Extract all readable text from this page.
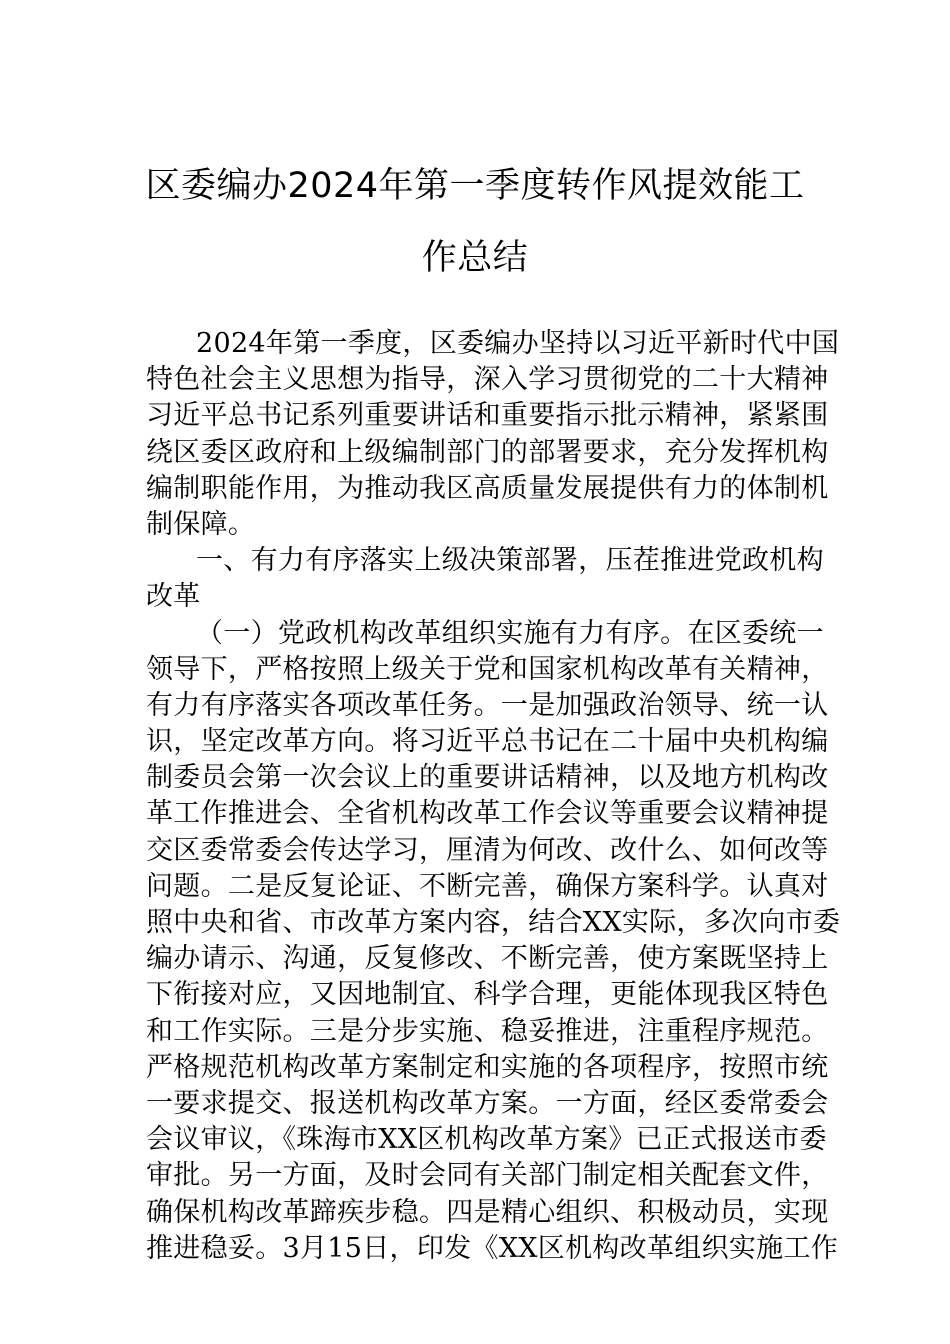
区委编办2024年第一季度转作风提效能工
作总结
2024年第一季度，区委编办坚持以习近平新时代中国
特色社会主义思想为指导，深入学习贯彻党的二十大精神
习近平总书记系列重要讲话和重要指示批示精神，紧紧围
绕区委区政府和上级编制部门的部署要求，充分发挥机构
编制职能作用，为推动我区高质量发展提供有力的体制机
制保障。
一、有力有序落实上级决策部署，压茬推进党政机构
改革
（一）党政机构改革组织实施有力有序。在区委统一
领导下，严格按照上级关于党和国家机构改革有关精神，
有力有序落实各项改革任务。一是加强政治领导、统一认
识，坚定改革方向。将习近平总书记在二十届中央机构编
制委员会第一次会议上的重要讲话精神，以及地方机构改
革工作推进会、全省机构改革工作会议等重要会议精神提
交区委常委会传达学习，厘清为何改、改什么、如何改等
问题。二是反复论证、不断完善，确保方案科学。认真对
照中央和省、市改革方案内容，结合XX实际，多次向市委
编办请示、沟通，反复修改、不断完善，使方案既坚持上
下衔接对应，又因地制宜、科学合理，更能体现我区特色
和工作实际。三是分步实施、稳妥推进，注重程序规范。
严格规范机构改革方案制定和实施的各项程序，按照市统
一要求提交、报送机构改革方案。一方面，经区委常委会
会议审议，《珠海市XX区机构改革方案》已正式报送市委
审批。另一方面，及时会同有关部门制定相关配套文件，
确保机构改革蹄疾步稳。四是精心组织、积极动员，实现
推进稳妥。3月15日，印发《XX区机构改革组织实施工作
